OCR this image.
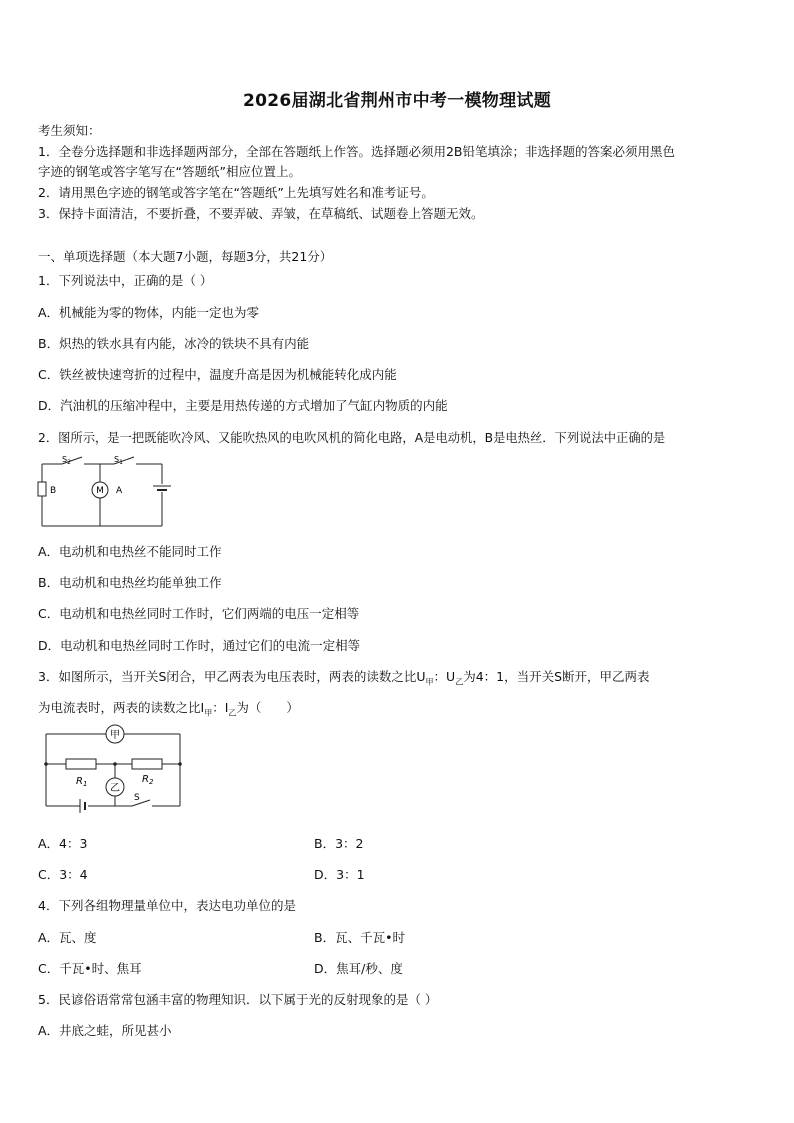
2026届湖北省荆州市中考一模物理试题
考生须知：
1．全卷分选择题和非选择题两部分，全部在答题纸上作答。选择题必须用2B铅笔填涂；非选择题的答案必须用黑色
字迹的钢笔或答字笔写在“答题纸”相应位置上。
2．请用黑色字迹的钢笔或答字笔在“答题纸”上先填写姓名和准考证号。
3．保持卡面清洁，不要折叠，不要弄破、弄皱，在草稿纸、试题卷上答题无效。
一、单项选择题（本大题7小题，每题3分，共21分）
1．下列说法中，正确的是（ ）
A．机械能为零的物体，内能一定也为零
B．炽热的铁水具有内能，冰冷的铁块不具有内能
C．铁丝被快速弯折的过程中，温度升高是因为机械能转化成内能
D．汽油机的压缩冲程中，主要是用热传递的方式增加了气缸内物质的内能
2．图所示，是一把既能吹冷风、又能吹热风的电吹风机的简化电路，A是电动机，B是电热丝．下列说法中正确的是
$S_2$	$S_1$
B	M A
A．电动机和电热丝不能同时工作
B．电动机和电热丝均能单独工作
C．电动机和电热丝同时工作时，它们两端的电压一定相等
D．电动机和电热丝同时工作时，通过它们的电流一定相等
3．如图所示，当开关S闭合，甲乙两表为电压表时，两表的读数之比$U_甲$：$U_乙$为4：1，当开关S断开，甲乙两表
为电流表时，两表的读数之比$I_甲$：$I_乙$为（　　）
甲
乙
$R_1$	$R_2$
S
A．4：3	B．3：2
C．3：4	D．3：1
4．下列各组物理量单位中，表达电功单位的是
A．瓦、度	B．瓦、千瓦•时
C．千瓦•时、焦耳	D．焦耳/秒、度
5．民谚俗语常常包涵丰富的物理知识．以下属于光的反射现象的是（ ）
A．井底之蛙，所见甚小
